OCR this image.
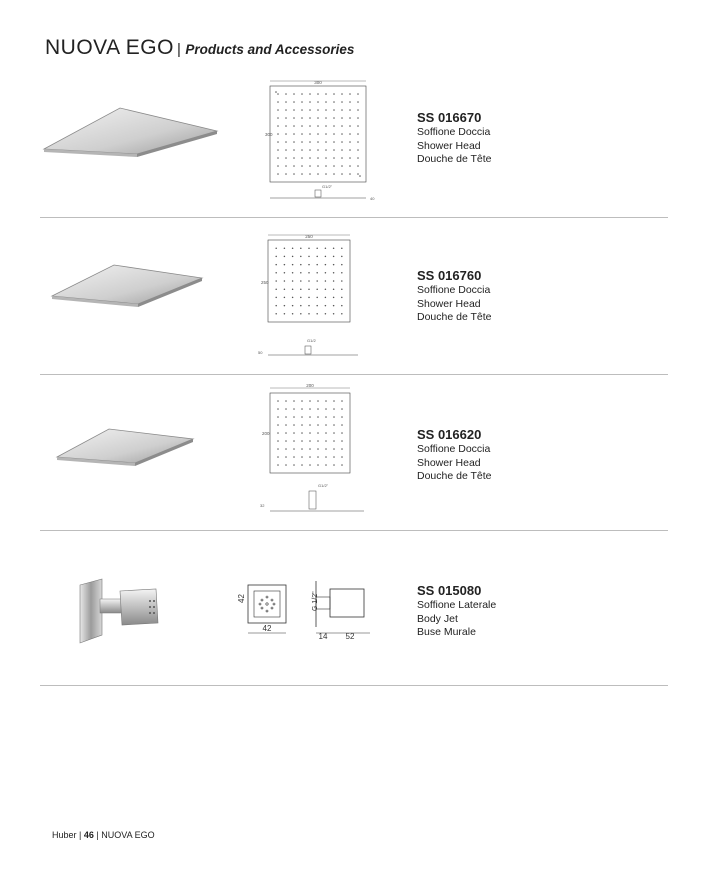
NUOVA EGO | Products and Accessories
300
300
G1/2"
40
SS 016670
Soffione Doccia
Shower Head
Douche de Tête
250
250
G1/2
50
SS 016760
Soffione Doccia
Shower Head
Douche de Tête
200
200
G1/2"
32
SS 016620
Soffione Doccia
Shower Head
Douche de Tête
42
42
G 1/2"
14 52
SS 015080
Soffione Laterale
Body Jet
Buse Murale
Huber | 46 | NUOVA EGO
